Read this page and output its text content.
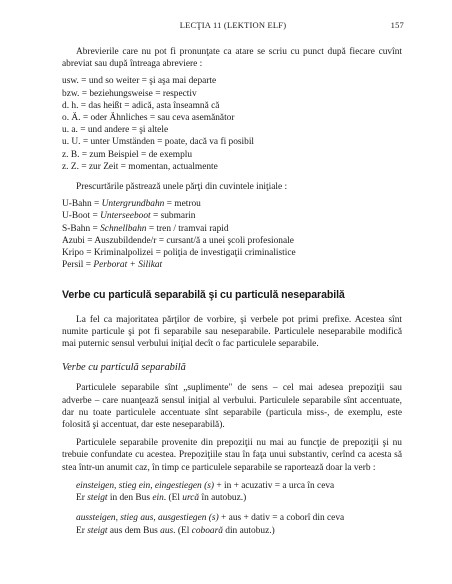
LECŢIA 11 (LEKTION ELF)	157

Abrevierile care nu pot fi pronunţate ca atare se scriu cu punct după fiecare cuvînt abreviat sau după întreaga abreviere :

usw. = und so weiter = şi aşa mai departe
bzw. = beziehungsweise = respectiv
d. h. = das heißt = adică, asta înseamnă că
o. Ä. = oder Ähnliches = sau ceva asemănător
u. a. = und andere = şi altele
u. U. = unter Umständen = poate, dacă va fi posibil
z. B. = zum Beispiel = de exemplu
z. Z. = zur Zeit = momentan, actualmente

Prescurtările păstrează unele părţi din cuvintele iniţiale :

U-Bahn = Untergrundbahn = metrou
U-Boot = Unterseeboot = submarin
S-Bahn = Schnellbahn = tren / tramvai rapid
Azubi = Auszubildende/r = cursant/ă a unei şcoli profesionale
Kripo = Kriminalpolizei = poliţia de investigaţii criminalistice
Persil = Perborat + Silikat
Verbe cu particulă separabilă şi cu particulă neseparabilă

La fel ca majoritatea părţilor de vorbire, şi verbele pot primi prefixe. Acestea sînt numite particule şi pot fi separabile sau neseparabile. Particulele neseparabile modifică mai puternic sensul verbului iniţial decît o fac particulele separabile.

Verbe cu particulă separabilă

Particulele separabile sînt „suplimente" de sens – cel mai adesea prepoziţii sau adverbe – care nuanţează sensul iniţial al verbului. Particulele separabile sînt accentuate, dar nu toate particulele accentuate sînt separabile (particula miss-, de exemplu, este folosită şi accentuat, dar este neseparabilă).

Particulele separabile provenite din prepoziţii nu mai au funcţie de prepoziţii şi nu trebuie confundate cu acestea. Prepoziţiile stau în faţa unui substantiv, cerînd ca acesta să stea într-un anumit caz, în timp ce particulele separabile se raportează doar la verb :

einsteigen, stieg ein, eingestiegen (s) + in + acuzativ = a urca în ceva
Er steigt in den Bus ein. (El urcă în autobuz.)
aussteigen, stieg aus, ausgestiegen (s) + aus + dativ = a coborî din ceva
Er steigt aus dem Bus aus. (El coboară din autobuz.)
